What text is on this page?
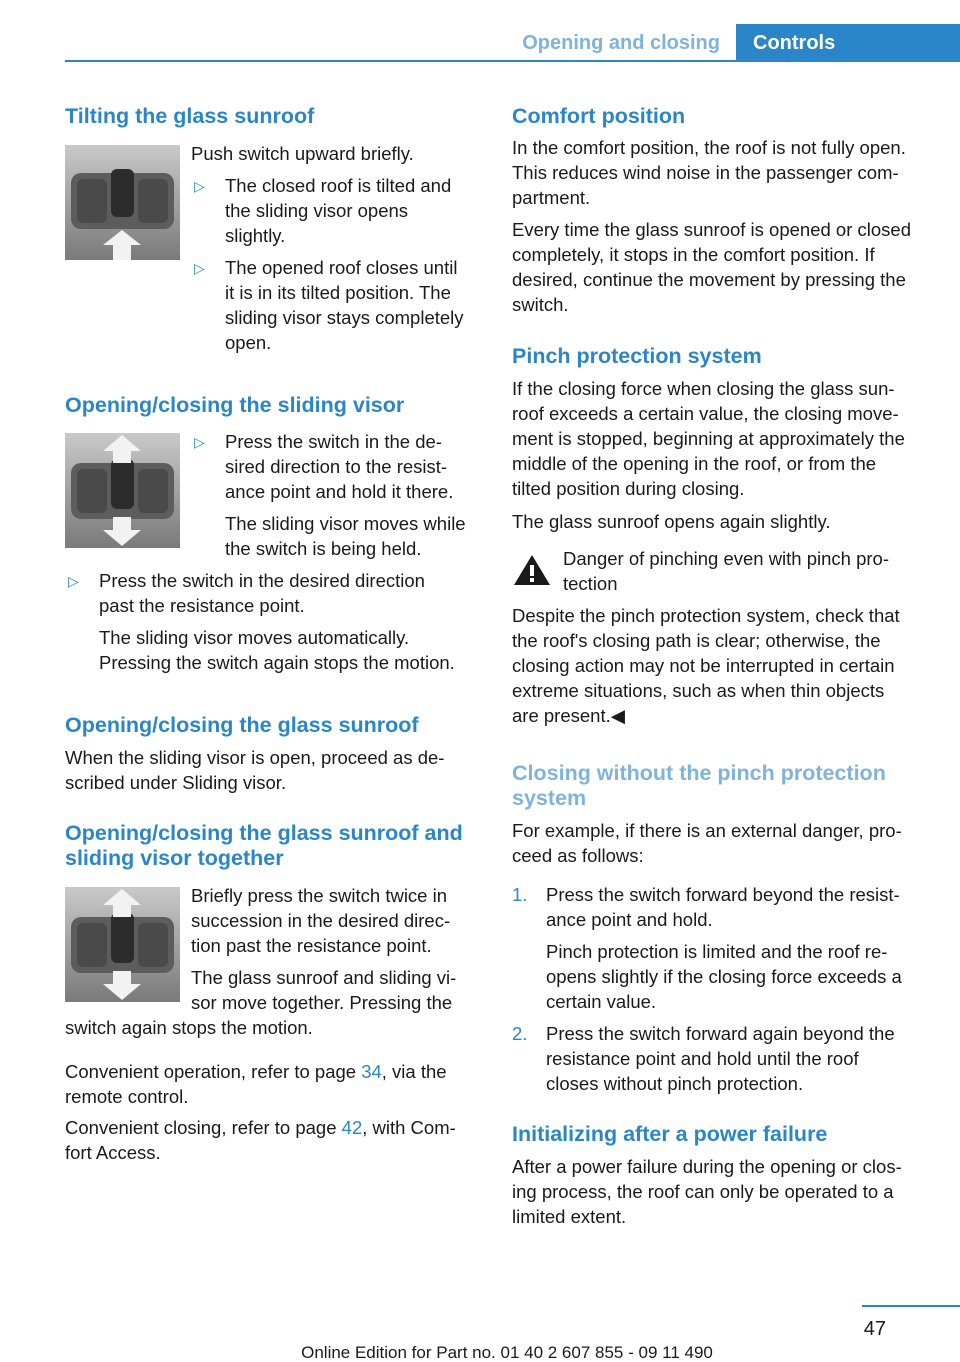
Opening and closing	Controls
Tilting the glass sunroof
Push switch upward briefly.
▷ The closed roof is tilted and
the sliding visor opens
slightly.
▷ The opened roof closes until
it is in its tilted position. The
sliding visor stays completely
open.
Opening/closing the sliding visor
▷ Press the switch in the de‐
sired direction to the resist‐
ance point and hold it there.
The sliding visor moves while
the switch is being held.
▷ Press the switch in the desired direction
past the resistance point.
The sliding visor moves automatically.
Pressing the switch again stops the motion.
Opening/closing the glass sunroof
When the sliding visor is open, proceed as de‐
scribed under Sliding visor.
Opening/closing the glass sunroof and
sliding visor together
Briefly press the switch twice in
succession in the desired direc‐
tion past the resistance point.
The glass sunroof and sliding vi‐
sor move together. Pressing the
switch again stops the motion.
Convenient operation, refer to page 34, via the
remote control.
Convenient closing, refer to page 42, with Com‐
fort Access.
Comfort position
In the comfort position, the roof is not fully open.
This reduces wind noise in the passenger com‐
partment.
Every time the glass sunroof is opened or closed
completely, it stops in the comfort position. If
desired, continue the movement by pressing the
switch.
Pinch protection system
If the closing force when closing the glass sun‐
roof exceeds a certain value, the closing move‐
ment is stopped, beginning at approximately the
middle of the opening in the roof, or from the
tilted position during closing.
The glass sunroof opens again slightly.
Danger of pinching even with pinch pro‐
tection
Despite the pinch protection system, check that
the roof's closing path is clear; otherwise, the
closing action may not be interrupted in certain
extreme situations, such as when thin objects
are present.◀
Closing without the pinch protection
system
For example, if there is an external danger, pro‐
ceed as follows:
1. Press the switch forward beyond the resist‐
ance point and hold.
Pinch protection is limited and the roof re‐
opens slightly if the closing force exceeds a
certain value.
2. Press the switch forward again beyond the
resistance point and hold until the roof
closes without pinch protection.
Initializing after a power failure
After a power failure during the opening or clos‐
ing process, the roof can only be operated to a
limited extent.
47
Online Edition for Part no. 01 40 2 607 855 - 09 11 490
